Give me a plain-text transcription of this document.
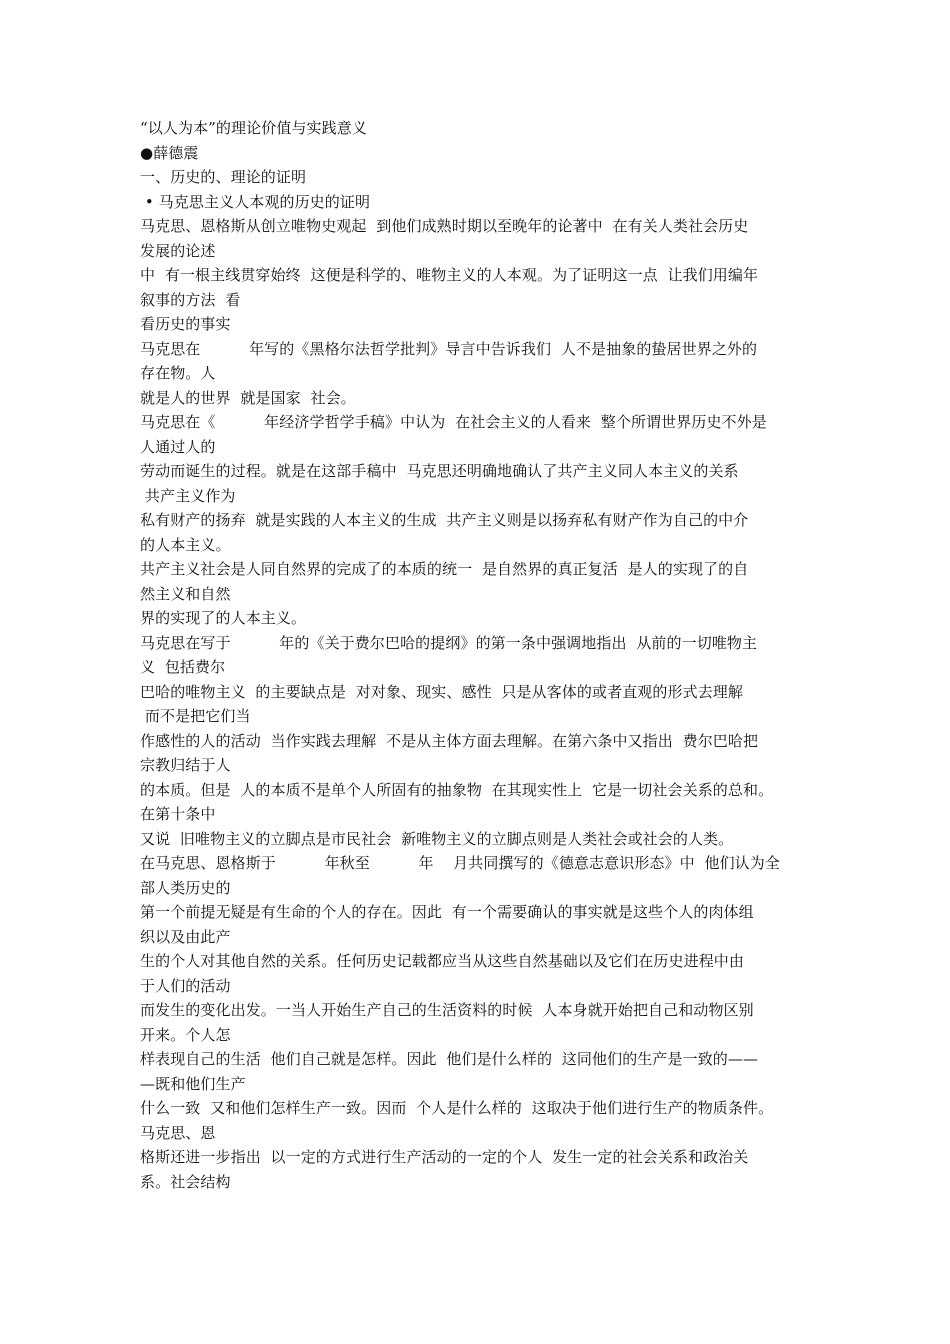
“以人为本”的理论价值与实践意义
●薛德震
一、历史的、理论的证明
• 马克思主义人本观的历史的证明
马克思、恩格斯从创立唯物史观起  到他们成熟时期以至晚年的论著中  在有关人类社会历史
发展的论述
中  有一根主线贯穿始终  这便是科学的、唯物主义的人本观。为了证明这一点  让我们用编年
叙事的方法  看
看历史的事实
马克思在          年写的《黑格尔法哲学批判》导言中告诉我们  人不是抽象的蛰居世界之外的
存在物。人
就是人的世界  就是国家  社会。
马克思在《          年经济学哲学手稿》中认为  在社会主义的人看来  整个所谓世界历史不外是
人通过人的
劳动而诞生的过程。就是在这部手稿中  马克思还明确地确认了共产主义同人本主义的关系
共产主义作为
私有财产的扬弃  就是实践的人本主义的生成  共产主义则是以扬弃私有财产作为自己的中介
的人本主义。
共产主义社会是人同自然界的完成了的本质的统一  是自然界的真正复活  是人的实现了的自
然主义和自然
界的实现了的人本主义。
马克思在写于          年的《关于费尔巴哈的提纲》的第一条中强调地指出  从前的一切唯物主
义  包括费尔
巴哈的唯物主义  的主要缺点是  对对象、现实、感性  只是从客体的或者直观的形式去理解
而不是把它们当
作感性的人的活动  当作实践去理解  不是从主体方面去理解。在第六条中又指出  费尔巴哈把
宗教归结于人
的本质。但是  人的本质不是单个人所固有的抽象物  在其现实性上  它是一切社会关系的总和。
在第十条中
又说  旧唯物主义的立脚点是市民社会  新唯物主义的立脚点则是人类社会或社会的人类。
在马克思、恩格斯于          年秋至          年    月共同撰写的《德意志意识形态》中  他们认为全
部人类历史的
第一个前提无疑是有生命的个人的存在。因此  有一个需要确认的事实就是这些个人的肉体组
织以及由此产
生的个人对其他自然的关系。任何历史记载都应当从这些自然基础以及它们在历史进程中由
于人们的活动
而发生的变化出发。一当人开始生产自己的生活资料的时候  人本身就开始把自己和动物区别
开来。个人怎
样表现自己的生活  他们自己就是怎样。因此  他们是什么样的  这同他们的生产是一致的——
—既和他们生产
什么一致  又和他们怎样生产一致。因而  个人是什么样的  这取决于他们进行生产的物质条件。
马克思、恩
格斯还进一步指出  以一定的方式进行生产活动的一定的个人  发生一定的社会关系和政治关
系。社会结构
